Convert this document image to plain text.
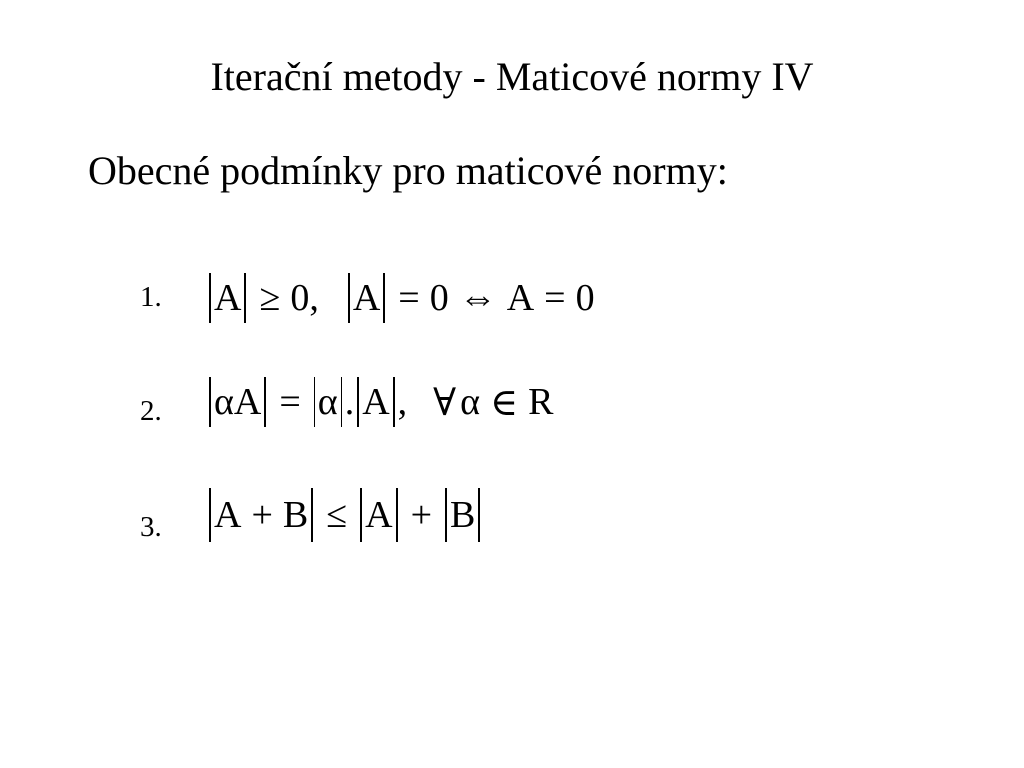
Iterační metody - Maticové normy IV
Obecné podmínky pro maticové normy:
1. A ≥ 0, A = 0 ⇔ A = 0
2. αA = α . A , ∀ α ∈ R
3. A + B ≤ A + B
